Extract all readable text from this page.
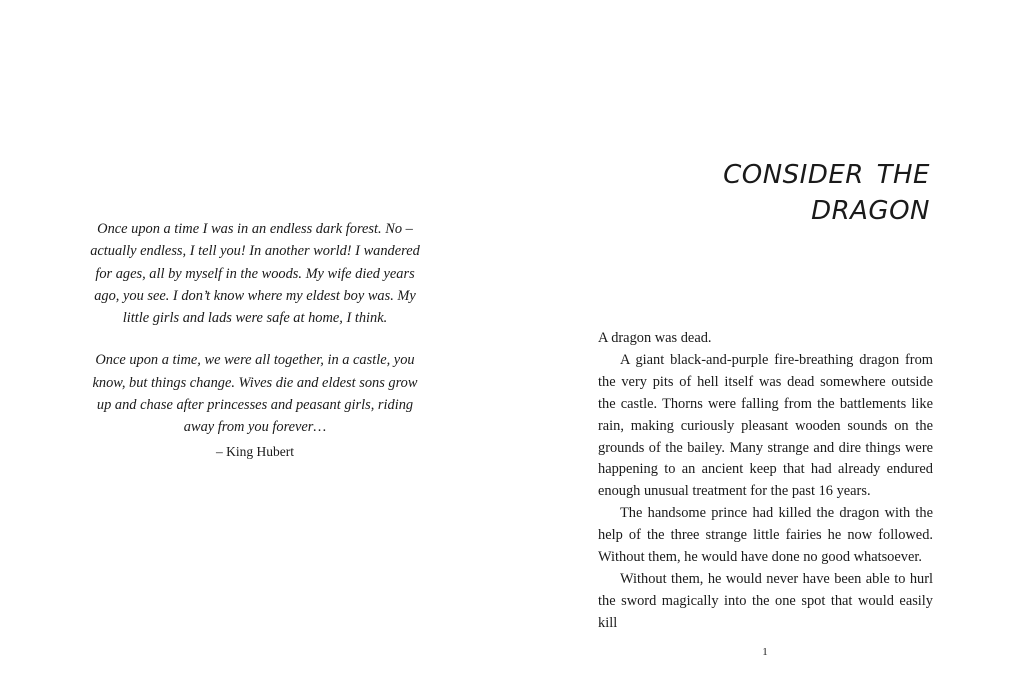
Once upon a time I was in an endless dark forest. No – actually endless, I tell you! In another world! I wandered for ages, all by myself in the woods. My wife died years ago, you see. I don’t know where my eldest boy was. My little girls and lads were safe at home, I think.

Once upon a time, we were all together, in a castle, you know, but things change. Wives die and eldest sons grow up and chase after princesses and peasant girls, riding away from you forever…

– King Hubert

CONSIDER THE DRAGON

A dragon was dead.

A giant black-and-purple fire-breathing dragon from the very pits of hell itself was dead somewhere outside the castle. Thorns were falling from the battlements like rain, making curiously pleasant wooden sounds on the grounds of the bailey. Many strange and dire things were happening to an ancient keep that had already endured enough unusual treatment for the past 16 years.

The handsome prince had killed the dragon with the help of the three strange little fairies he now followed. Without them, he would have done no good whatsoever.

Without them, he would never have been able to hurl the sword magically into the one spot that would easily kill

1
